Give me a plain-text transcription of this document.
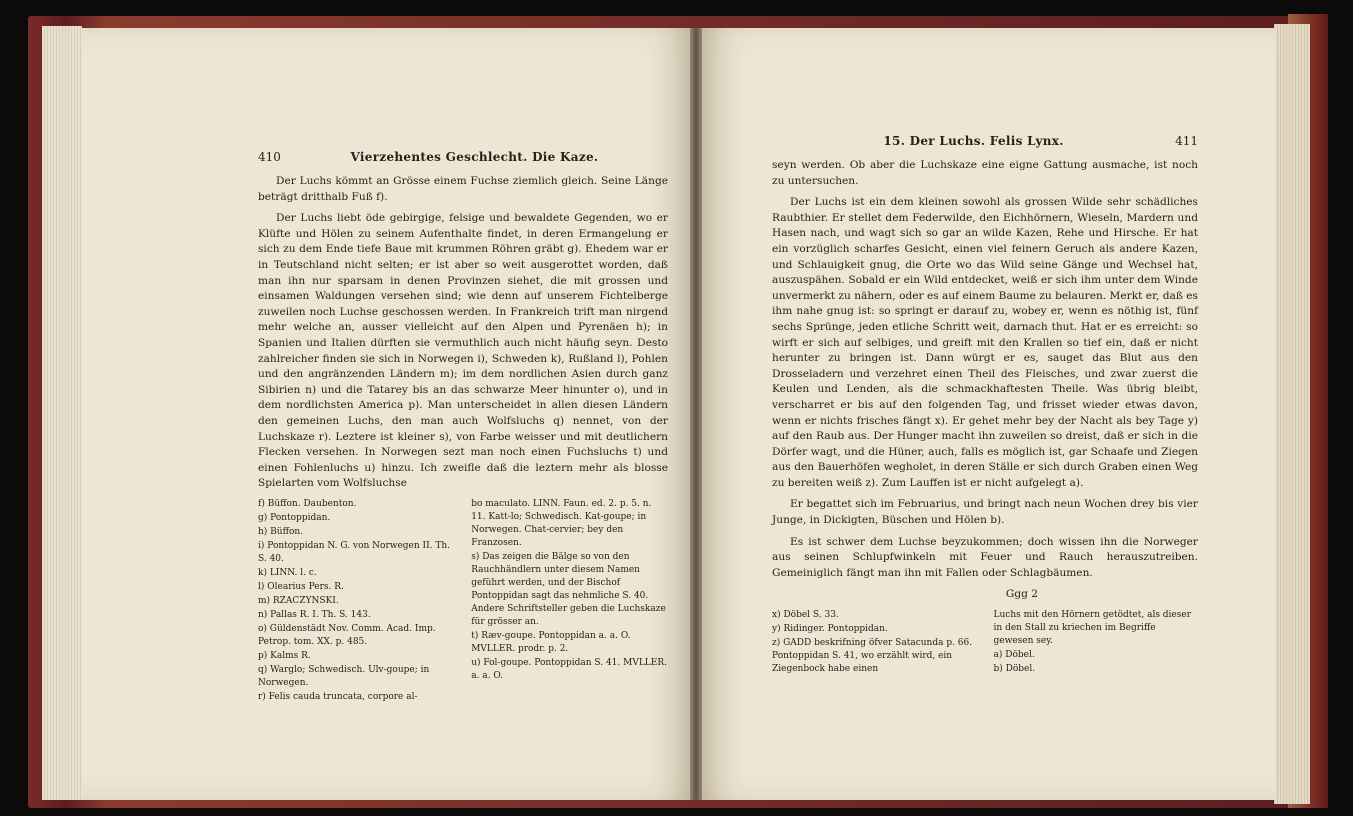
410	Vierzehentes Geschlecht. Die Kaze.

Der Luchs kömmt an Grösse einem Fuchse ziemlich gleich. Seine Länge beträgt dritthalb Fuß f).

Der Luchs liebt öde gebirgige, felsige und bewaldete Gegenden, wo er Klüfte und Hölen zu seinem Aufenthalte findet, in deren Ermangelung er sich zu dem Ende tiefe Baue mit krummen Röhren gräbt g). Ehedem war er in Teutschland nicht selten; er ist aber so weit ausgerottet worden, daß man ihn nur sparsam in denen Provinzen siehet, die mit grossen und einsamen Waldungen versehen sind; wie denn auf unserem Fichtelberge zuweilen noch Luchse geschossen werden. In Frankreich trift man nirgend mehr welche an, ausser vielleicht auf den Alpen und Pyrenäen h); in Spanien und Italien dürften sie vermuthlich auch nicht häufig seyn. Desto zahlreicher finden sie sich in Norwegen i), Schweden k), Rußland l), Pohlen und den angränzenden Ländern m); im dem nordlichen Asien durch ganz Sibirien n) und die Tatarey bis an das schwarze Meer hinunter o), und in dem nordlichsten America p). Man unterscheidet in allen diesen Ländern den gemeinen Luchs, den man auch Wolfsluchs q) nennet, von der Luchskaze r). Leztere ist kleiner s), von Farbe weisser und mit deutlichern Flecken versehen. In Norwegen sezt man noch einen Fuchsluchs t) und einen Fohlenluchs u) hinzu. Ich zweifle daß die leztern mehr als blosse Spielarten vom Wolfsluchse

f) Büffon. Daubenton.
g) Pontoppidan.
h) Büffon.
i) Pontoppidan N. G. von Norwegen II. Th. S. 40.
k) LINN. l. c.
l) Olearius Pers. R.
m) RZACZYNSKI.
n) Pallas R. I. Th. S. 143.
o) Güldenstädt Nov. Comm. Acad. Imp. Petrop. tom. XX. p. 485.
p) Kalms R.
q) Warglo; Schwedisch. Ulv-goupe; in Norwegen.
r) Felis cauda truncata, corpore al-
bo maculato. LINN. Faun. ed. 2. p. 5. n. 11. Katt-lo; Schwedisch. Kat-goupe; in Norwegen. Chat-cervier; bey den Franzosen.
s) Das zeigen die Bälge so von den Rauchhändlern unter diesem Namen geführt werden, und der Bischof Pontoppidan sagt das nehmliche S. 40. Andere Schriftsteller geben die Luchskaze für grösser an.
t) Ræv-goupe. Pontoppidan a. a. O. MVLLER. prodr. p. 2.
u) Fol-goupe. Pontoppidan S. 41. MVLLER. a. a. O.
15. Der Luchs. Felis Lynx.	411

seyn werden. Ob aber die Luchskaze eine eigne Gattung ausmache, ist noch zu untersuchen.

Der Luchs ist ein dem kleinen sowohl als grossen Wilde sehr schädliches Raubthier. Er stellet dem Federwilde, den Eichhörnern, Wieseln, Mardern und Hasen nach, und wagt sich so gar an wilde Kazen, Rehe und Hirsche. Er hat ein vorzüglich scharfes Gesicht, einen viel feinern Geruch als andere Kazen, und Schlauigkeit gnug, die Orte wo das Wild seine Gänge und Wechsel hat, auszuspähen. Sobald er ein Wild entdecket, weiß er sich ihm unter dem Winde unvermerkt zu nähern, oder es auf einem Baume zu belauren. Merkt er, daß es ihm nahe gnug ist: so springt er darauf zu, wobey er, wenn es nöthig ist, fünf sechs Sprünge, jeden etliche Schritt weit, darnach thut. Hat er es erreicht: so wirft er sich auf selbiges, und greift mit den Krallen so tief ein, daß er nicht herunter zu bringen ist. Dann würgt er es, sauget das Blut aus den Drosseladern und verzehret einen Theil des Fleisches, und zwar zuerst die Keulen und Lenden, als die schmackhaftesten Theile. Was übrig bleibt, verscharret er bis auf den folgenden Tag, und frisset wieder etwas davon, wenn er nichts frisches fängt x). Er gehet mehr bey der Nacht als bey Tage y) auf den Raub aus. Der Hunger macht ihn zuweilen so dreist, daß er sich in die Dörfer wagt, und die Hüner, auch, falls es möglich ist, gar Schaafe und Ziegen aus den Bauerhöfen wegholet, in deren Ställe er sich durch Graben einen Weg zu bereiten weiß z). Zum Lauffen ist er nicht aufgelegt a).

Er begattet sich im Februarius, und bringt nach neun Wochen drey bis vier Junge, in Dickigten, Büschen und Hölen b).

Es ist schwer dem Luchse beyzukommen; doch wissen ihn die Norweger aus seinen Schlupfwinkeln mit Feuer und Rauch herauszutreiben. Gemeiniglich fängt man ihn mit Fallen oder Schlagbäumen.

Ggg 2
x) Döbel S. 33.
y) Ridinger. Pontoppidan.
z) GADD beskrifning öfver Satacunda p. 66. Pontoppidan S. 41, wo erzählt wird, ein Ziegenbock habe einen
Luchs mit den Hörnern getödtet, als dieser in den Stall zu kriechen im Begriffe gewesen sey.
a) Döbel.
b) Döbel.
